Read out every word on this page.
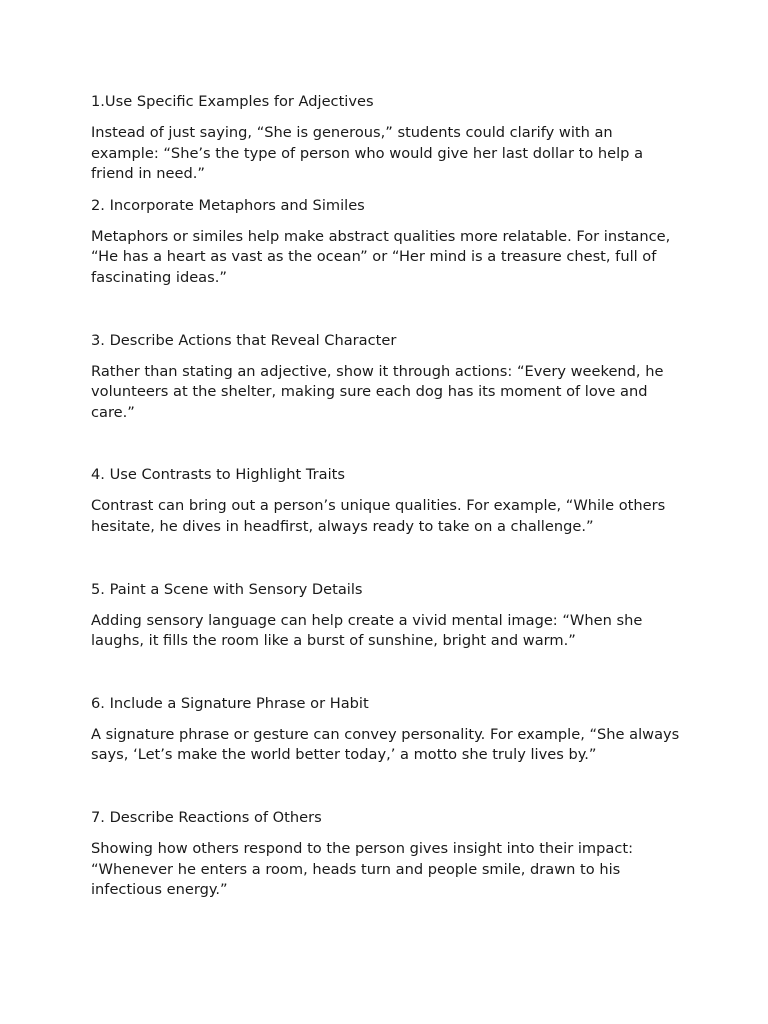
1.Use Specific Examples for Adjectives

Instead of just saying, “She is generous,” students could clarify with an example: “She’s the type of person who would give her last dollar to help a friend in need.”

2. Incorporate Metaphors and Similes

Metaphors or similes help make abstract qualities more relatable. For instance, “He has a heart as vast as the ocean” or “Her mind is a treasure chest, full of fascinating ideas.”

3. Describe Actions that Reveal Character

Rather than stating an adjective, show it through actions: “Every weekend, he volunteers at the shelter, making sure each dog has its moment of love and care.”

4. Use Contrasts to Highlight Traits

Contrast can bring out a person’s unique qualities. For example, “While others hesitate, he dives in headfirst, always ready to take on a challenge.”

5. Paint a Scene with Sensory Details

Adding sensory language can help create a vivid mental image: “When she laughs, it fills the room like a burst of sunshine, bright and warm.”

6. Include a Signature Phrase or Habit

A signature phrase or gesture can convey personality. For example, “She always says, ‘Let’s make the world better today,’ a motto she truly lives by.”

7. Describe Reactions of Others

Showing how others respond to the person gives insight into their impact: “Whenever he enters a room, heads turn and people smile, drawn to his infectious energy.”
